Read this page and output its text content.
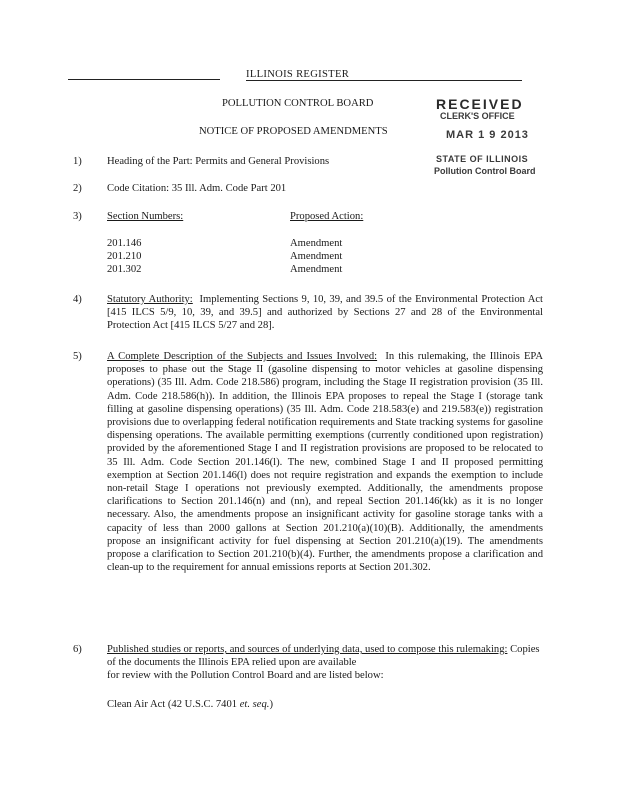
ILLINOIS REGISTER
POLLUTION CONTROL BOARD
NOTICE OF PROPOSED AMENDMENTS
RECEIVED
CLERK'S OFFICE
MAR 1 9 2013
STATE OF ILLINOIS
Pollution Control Board
1) Heading of the Part: Permits and General Provisions
2) Code Citation: 35 Ill. Adm. Code Part 201
3) Section Numbers:	Proposed Action:
201.146
201.210
201.302
Amendment
Amendment
Amendment
4) Statutory Authority: Implementing Sections 9, 10, 39, and 39.5 of the Environmental Protection Act [415 ILCS 5/9, 10, 39, and 39.5] and authorized by Sections 27 and 28 of the Environmental Protection Act [415 ILCS 5/27 and 28].
5) A Complete Description of the Subjects and Issues Involved: In this rulemaking, the Illinois EPA proposes to phase out the Stage II (gasoline dispensing to motor vehicles at gasoline dispensing operations) (35 Ill. Adm. Code 218.586) program, including the Stage II registration provision (35 Ill. Adm. Code 218.586(h)). In addition, the Illinois EPA proposes to repeal the Stage I (storage tank filling at gasoline dispensing operations) (35 Ill. Adm. Code 218.583(e) and 219.583(e)) registration provisions due to overlapping federal notification requirements and State tracking systems for gasoline dispensing operations. The available permitting exemptions (currently conditioned upon registration) provided by the aforementioned Stage I and II registration provisions are proposed to be relocated to 35 Ill. Adm. Code Section 201.146(l). The new, combined Stage I and II proposed permitting exemption at Section 201.146(l) does not require registration and expands the exemption to include non-retail Stage I operations not previously exempted. Additionally, the amendments propose clarifications to Section 201.146(n) and (nn), and repeal Section 201.146(kk) as it is no longer necessary. Also, the amendments propose an insignificant activity for gasoline storage tanks with a capacity of less than 2000 gallons at Section 201.210(a)(10)(B). Additionally, the amendments propose an insignificant activity for fuel dispensing at Section 201.210(a)(19). The amendments propose a clarification to Section 201.210(b)(4). Further, the amendments propose a clarification and clean-up to the requirement for annual emissions reports at Section 201.302.
6) Published studies or reports, and sources of underlying data, used to compose this rulemaking: Copies of the documents the Illinois EPA relied upon are available
for review with the Pollution Control Board and are listed below:
Clean Air Act (42 U.S.C. 7401 et. seq.)
